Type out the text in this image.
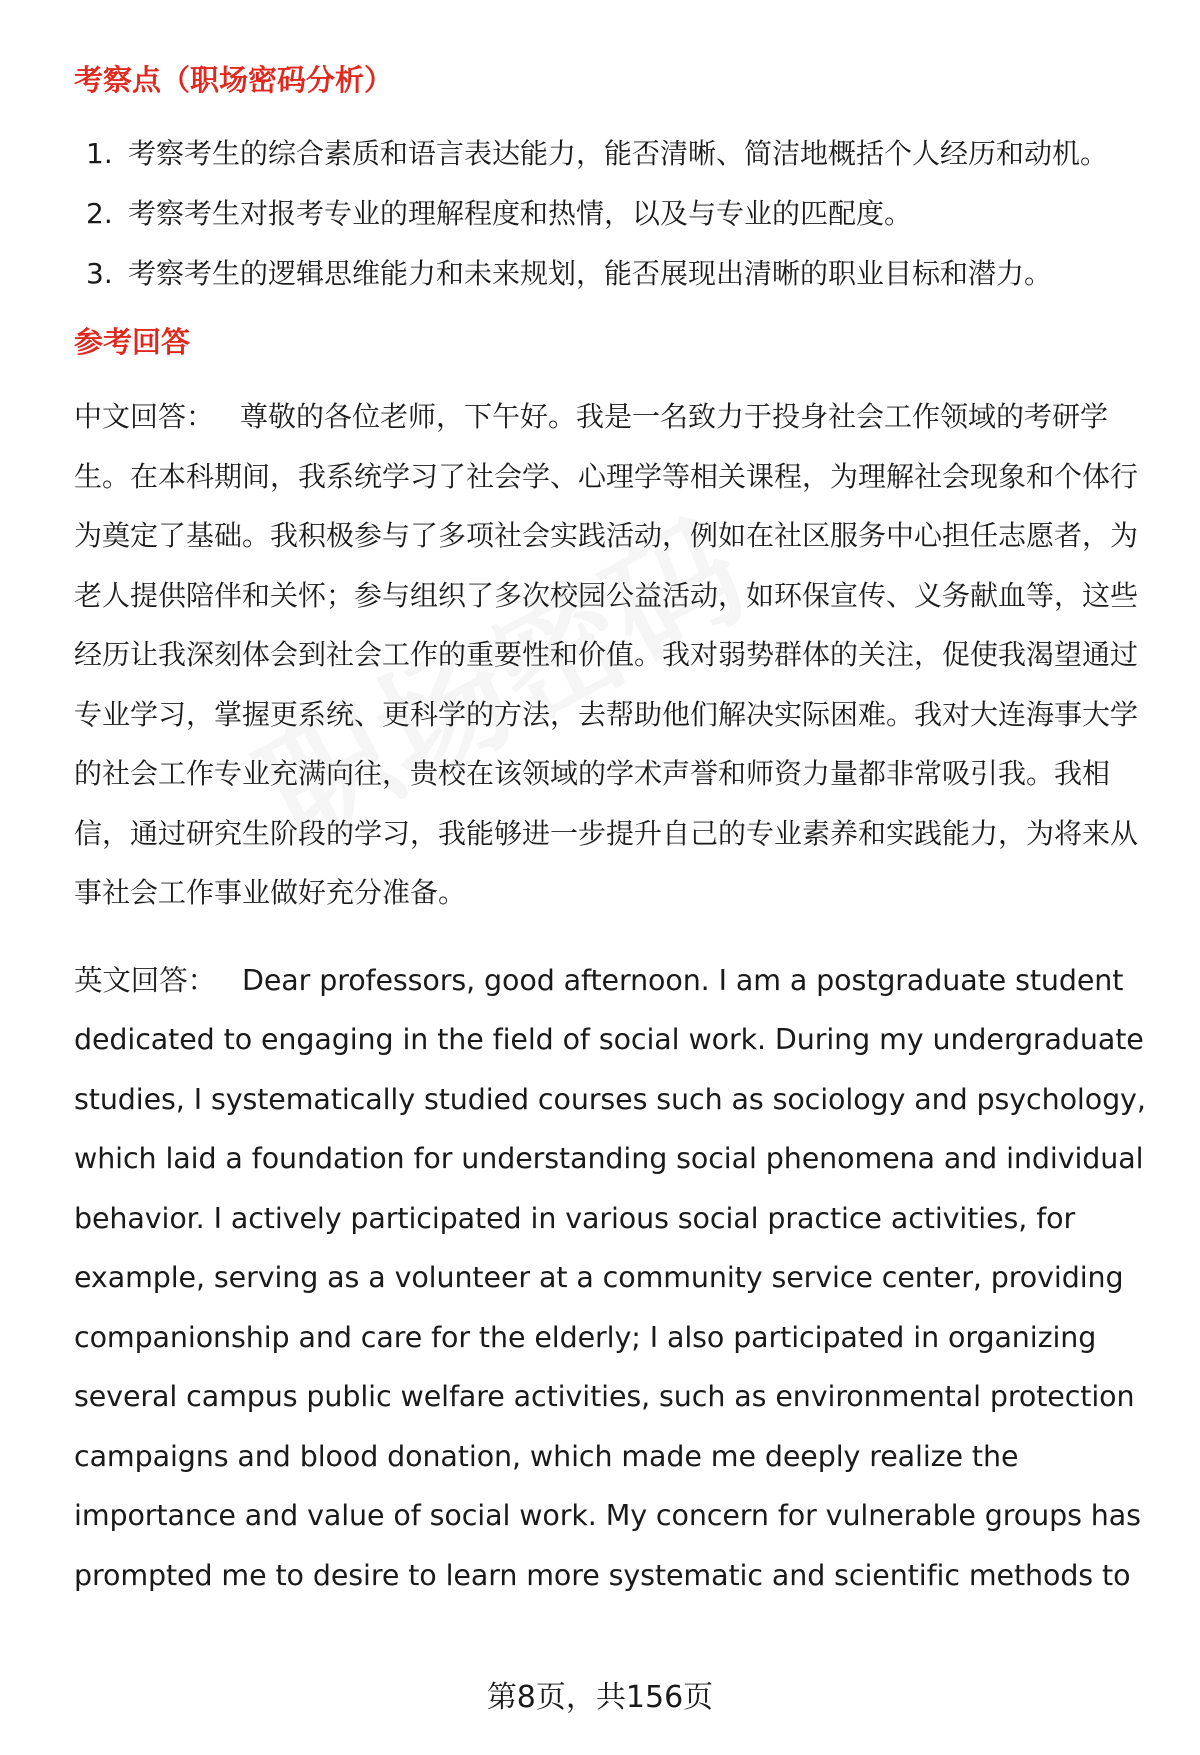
考察点（职场密码分析）
1. 考察考生的综合素质和语言表达能力，能否清晰、简洁地概括个人经历和动机。
2. 考察考生对报考专业的理解程度和热情，以及与专业的匹配度。
3. 考察考生的逻辑思维能力和未来规划，能否展现出清晰的职业目标和潜力。
参考回答

中文回答： 尊敬的各位老师，下午好。我是一名致力于投身社会工作领域的考研学生。在本科期间，我系统学习了社会学、心理学等相关课程，为理解社会现象和个体行为奠定了基础。我积极参与了多项社会实践活动，例如在社区服务中心担任志愿者，为老人提供陪伴和关怀；参与组织了多次校园公益活动，如环保宣传、义务献血等，这些经历让我深刻体会到社会工作的重要性和价值。我对弱势群体的关注，促使我渴望通过专业学习，掌握更系统、更科学的方法，去帮助他们解决实际困难。我对大连海事大学的社会工作专业充满向往，贵校在该领域的学术声誉和师资力量都非常吸引我。我相信，通过研究生阶段的学习，我能够进一步提升自己的专业素养和实践能力，为将来从事社会工作事业做好充分准备。

英文回答： Dear professors, good afternoon. I am a postgraduate student dedicated to engaging in the field of social work. During my undergraduate studies, I systematically studied courses such as sociology and psychology, which laid a foundation for understanding social phenomena and individual behavior. I actively participated in various social practice activities, for example, serving as a volunteer at a community service center, providing companionship and care for the elderly; I also participated in organizing several campus public welfare activities, such as environmental protection campaigns and blood donation, which made me deeply realize the importance and value of social work. My concern for vulnerable groups has prompted me to desire to learn more systematic and scientific methods to

第8页，共156页
